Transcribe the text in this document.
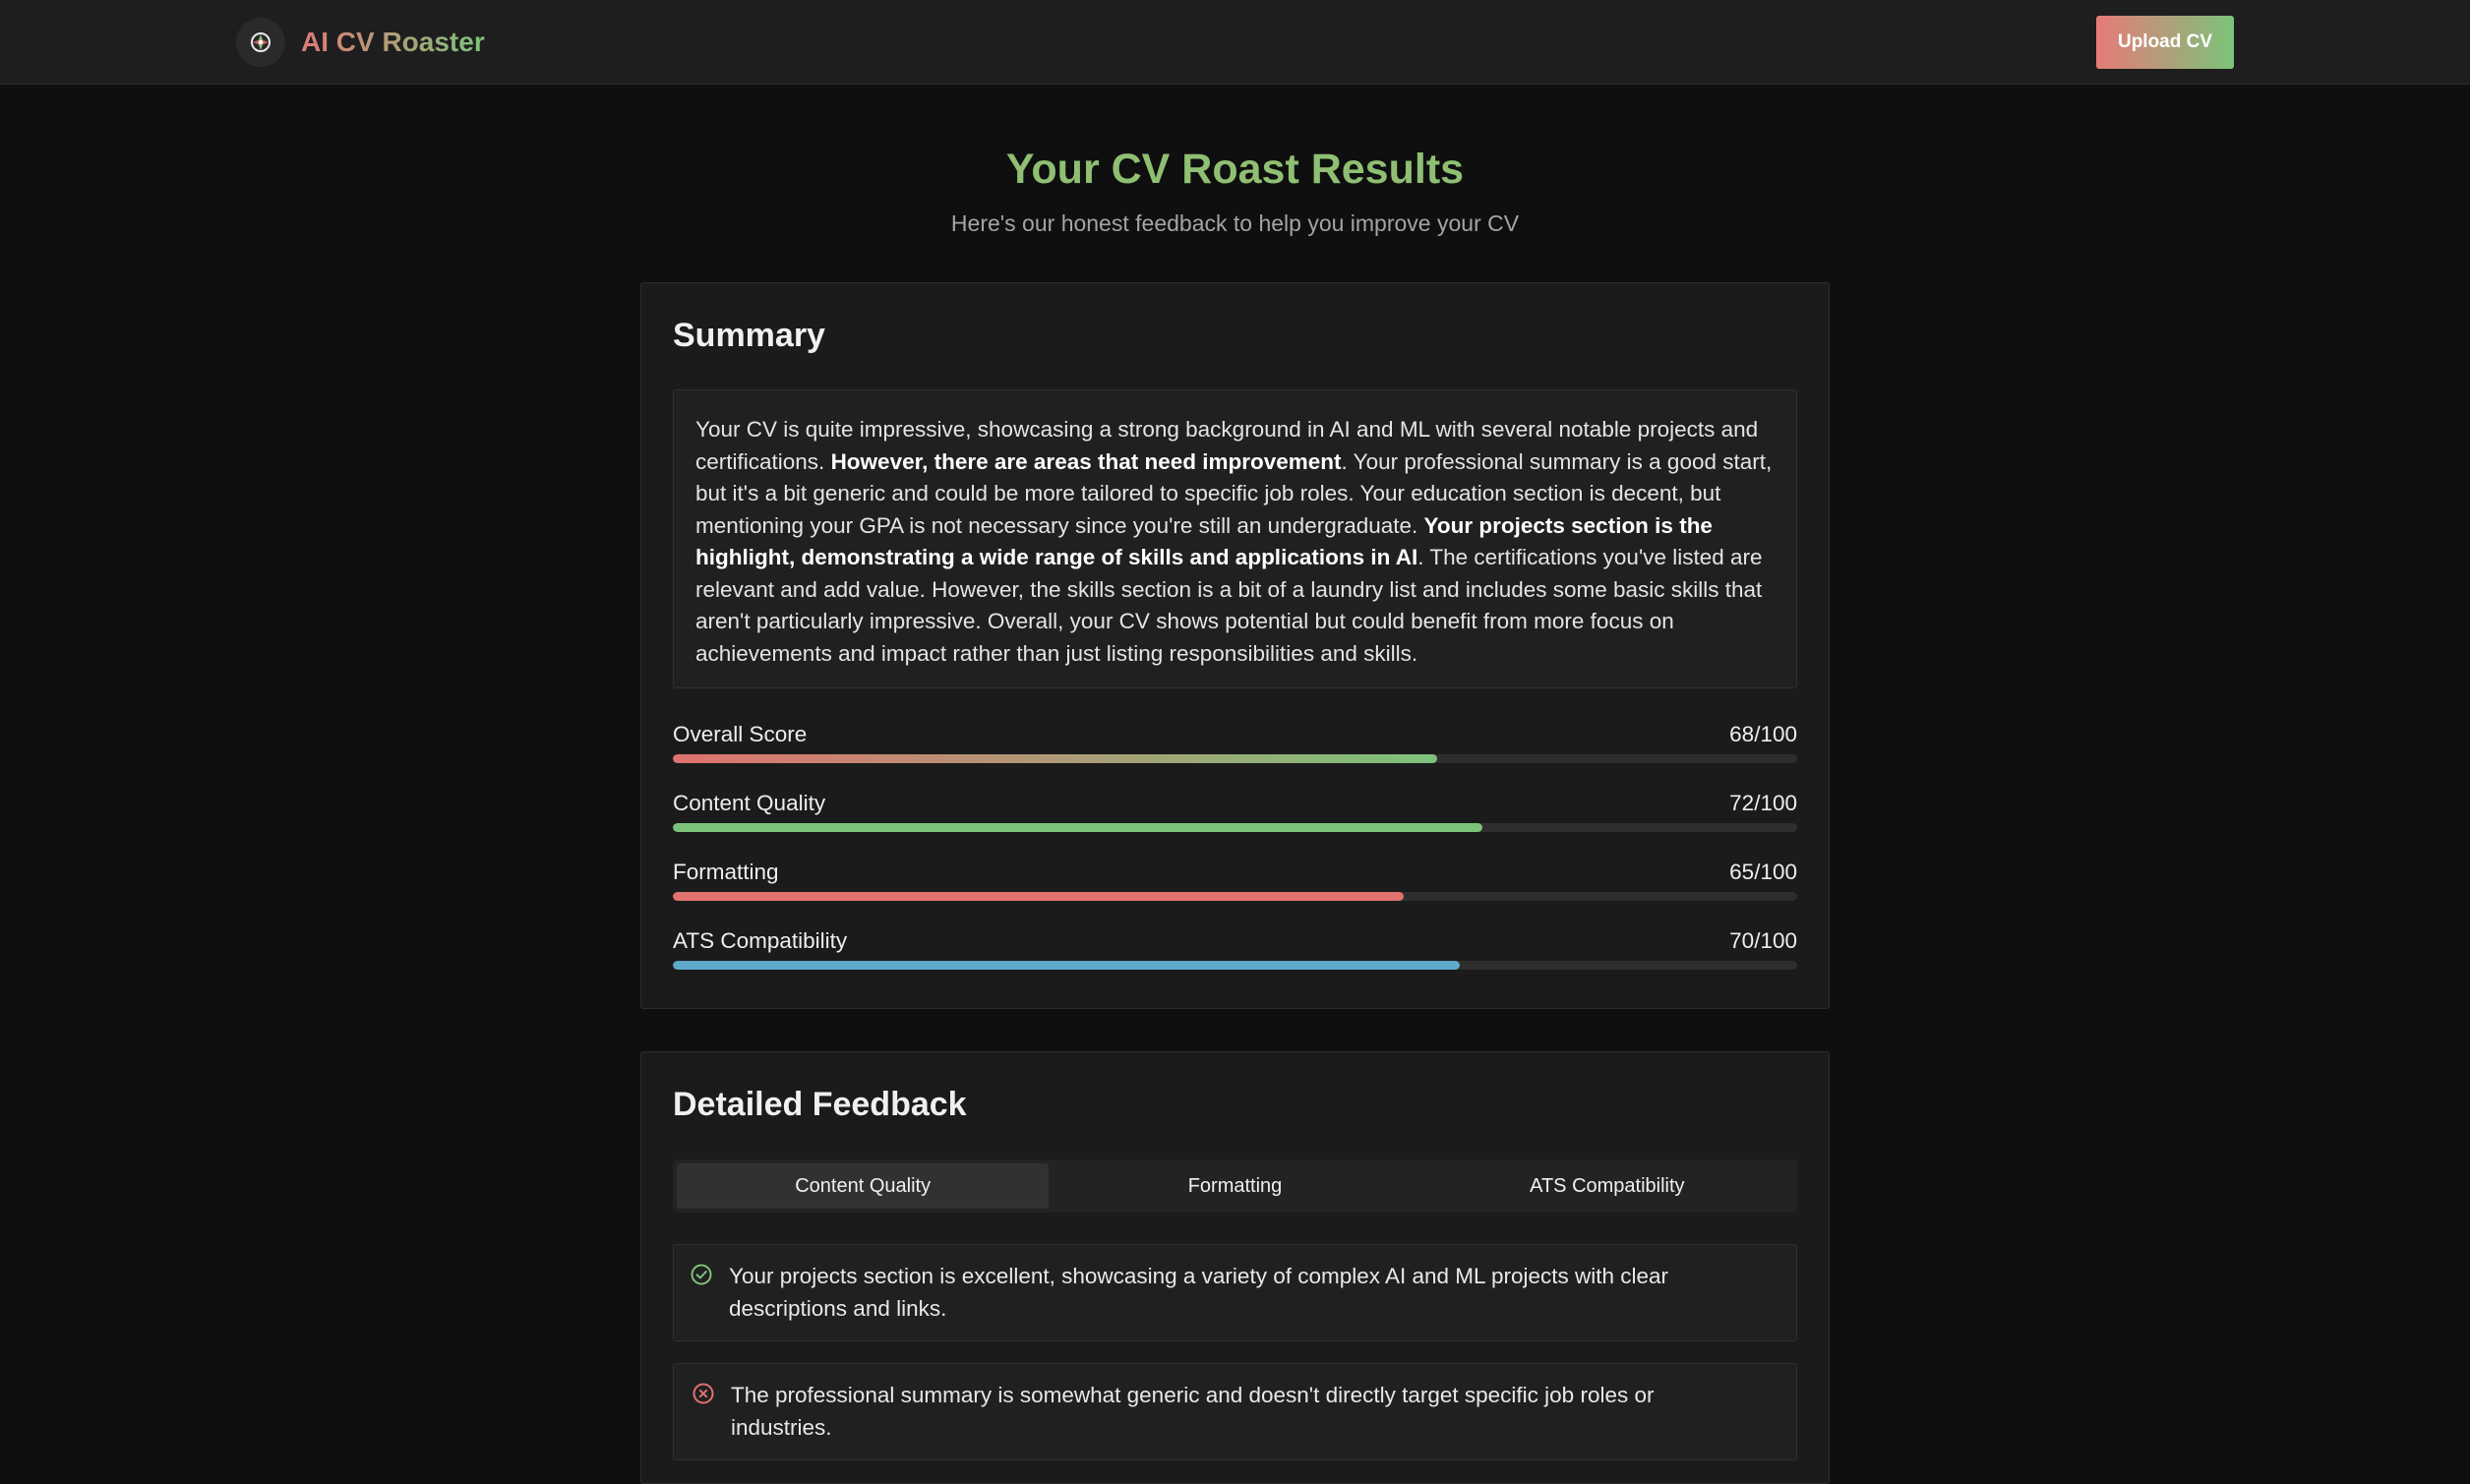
AI CV Roaster	Upload CV
Your CV Roast Results
Here's our honest feedback to help you improve your CV
Summary
Your CV is quite impressive, showcasing a strong background in AI and ML with several notable projects and certifications. However, there are areas that need improvement. Your professional summary is a good start, but it's a bit generic and could be more tailored to specific job roles. Your education section is decent, but mentioning your GPA is not necessary since you're still an undergraduate. Your projects section is the highlight, demonstrating a wide range of skills and applications in AI. The certifications you've listed are relevant and add value. However, the skills section is a bit of a laundry list and includes some basic skills that aren't particularly impressive. Overall, your CV shows potential but could benefit from more focus on achievements and impact rather than just listing responsibilities and skills.
Overall Score	68/100
Content Quality	72/100
Formatting	65/100
ATS Compatibility	70/100
Detailed Feedback
Content Quality	Formatting	ATS Compatibility
Your projects section is excellent, showcasing a variety of complex AI and ML projects with clear descriptions and links.
The professional summary is somewhat generic and doesn't directly target specific job roles or industries.
